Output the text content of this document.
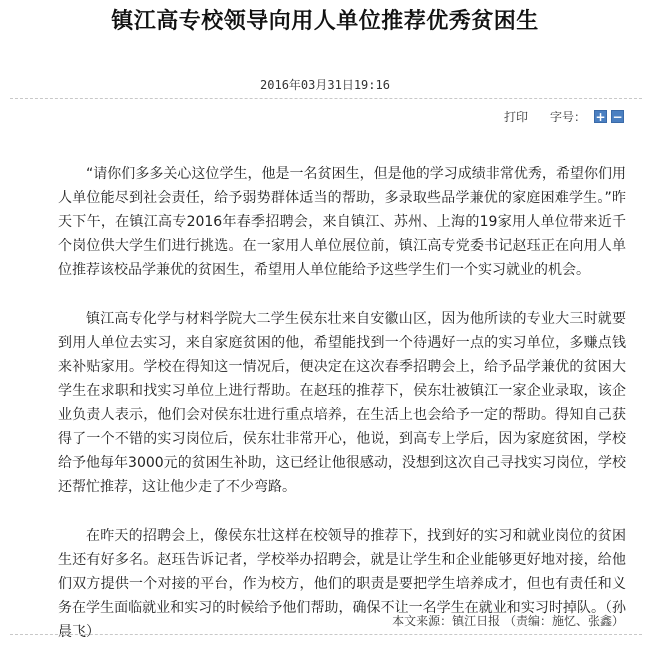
镇江高专校领导向用人单位推荐优秀贫困生
2016年03月31日19:16
打印 字号： + −

“请你们多多关心这位学生，他是一名贫困生，但是他的学习成绩非常优秀，希望你们用人单位能尽到社会责任，给予弱势群体适当的帮助，多录取些品学兼优的家庭困难学生。”昨天下午，在镇江高专2016年春季招聘会，来自镇江、苏州、上海的19家用人单位带来近千个岗位供大学生们进行挑选。在一家用人单位展位前，镇江高专党委书记赵珏正在向用人单位推荐该校品学兼优的贫困生，希望用人单位能给予这些学生们一个实习就业的机会。

镇江高专化学与材料学院大二学生侯东壮来自安徽山区，因为他所读的专业大三时就要到用人单位去实习，来自家庭贫困的他，希望能找到一个待遇好一点的实习单位，多赚点钱来补贴家用。学校在得知这一情况后，便决定在这次春季招聘会上，给予品学兼优的贫困大学生在求职和找实习单位上进行帮助。在赵珏的推荐下，侯东壮被镇江一家企业录取，该企业负责人表示，他们会对侯东壮进行重点培养，在生活上也会给予一定的帮助。得知自己获得了一个不错的实习岗位后，侯东壮非常开心，他说，到高专上学后，因为家庭贫困，学校给予他每年3000元的贫困生补助，这已经让他很感动，没想到这次自己寻找实习岗位，学校还帮忙推荐，这让他少走了不少弯路。

在昨天的招聘会上，像侯东壮这样在校领导的推荐下，找到好的实习和就业岗位的贫困生还有好多名。赵珏告诉记者，学校举办招聘会，就是让学生和企业能够更好地对接，给他们双方提供一个对接的平台，作为校方，他们的职责是要把学生培养成才，但也有责任和义务在学生面临就业和实习的时候给予他们帮助，确保不让一名学生在就业和实习时掉队。（孙晨飞）

本文来源：镇江日报 （责编：施忆、张鑫）
